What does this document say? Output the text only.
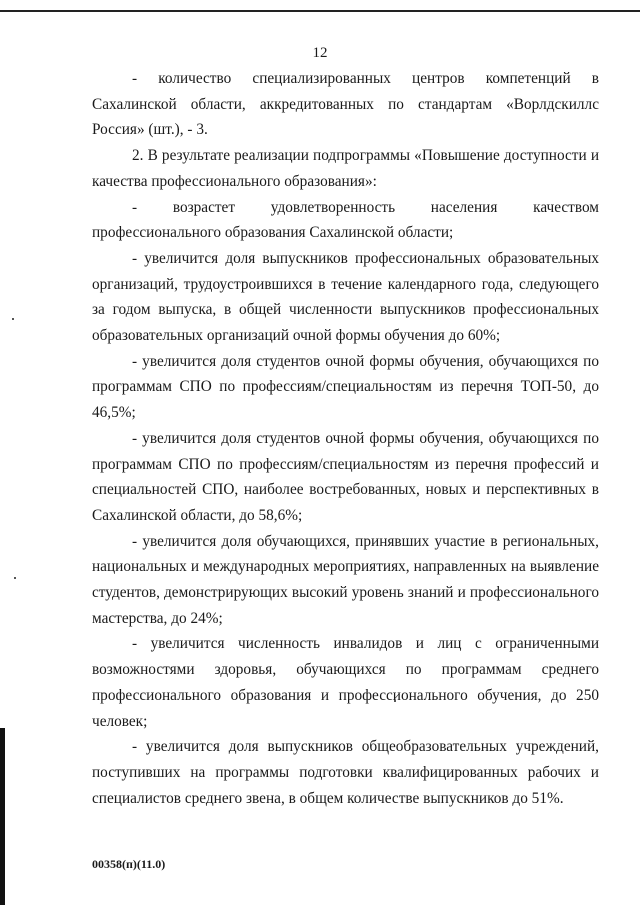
12

- количество специализированных центров компетенций в Сахалинской области, аккредитованных по стандартам «Ворлдскиллс Россия» (шт.), - 3.

2. В результате реализации подпрограммы «Повышение доступности и качества профессионального образования»:

- возрастет удовлетворенность населения качеством профессионального образования Сахалинской области;

- увеличится доля выпускников профессиональных образовательных организаций, трудоустроившихся в течение календарного года, следующего за годом выпуска, в общей численности выпускников профессиональных образовательных организаций очной формы обучения до 60%;

- увеличится доля студентов очной формы обучения, обучающихся по программам СПО по профессиям/специальностям из перечня ТОП-50, до 46,5%;

- увеличится доля студентов очной формы обучения, обучающихся по программам СПО по профессиям/специальностям из перечня профессий и специальностей СПО, наиболее востребованных, новых и перспективных в Сахалинской области, до 58,6%;

- увеличится доля обучающихся, принявших участие в региональных, национальных и международных мероприятиях, направленных на выявление студентов, демонстрирующих высокий уровень знаний и профессионального мастерства, до 24%;

- увеличится численность инвалидов и лиц с ограниченными возможностями здоровья, обучающихся по программам среднего профессионального образования и профессионального обучения, до 250 человек;

- увеличится доля выпускников общеобразовательных учреждений, поступивших на программы подготовки квалифицированных рабочих и специалистов среднего звена, в общем количестве выпускников до 51%.

00358(п)(11.0)
